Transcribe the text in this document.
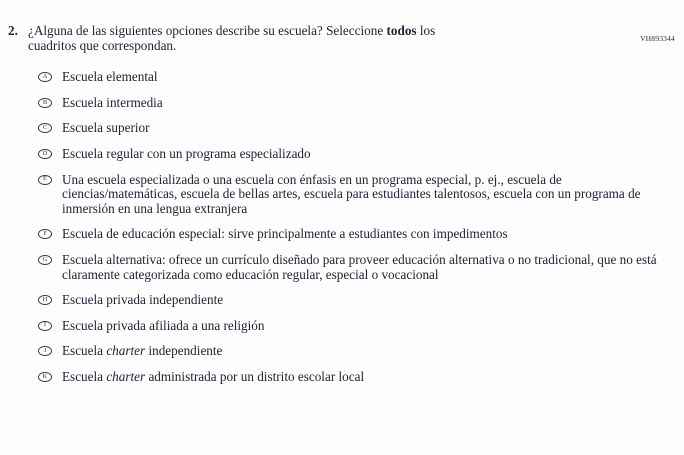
VH893344
2. ¿Alguna de las siguientes opciones describe su escuela? Seleccione todos los cuadritos que correspondan.
A	Escuela elemental
B	Escuela intermedia
C	Escuela superior
D	Escuela regular con un programa especializado
E	Una escuela especializada o una escuela con énfasis en un programa especial, p. ej., escuela de ciencias/matemáticas, escuela de bellas artes, escuela para estudiantes talentosos, escuela con un programa de inmersión en una lengua extranjera
F	Escuela de educación especial: sirve principalmente a estudiantes con impedimentos
G	Escuela alternativa: ofrece un currículo diseñado para proveer educación alternativa o no tradicional, que no está claramente categorizada como educación regular, especial o vocacional
H	Escuela privada independiente
I	Escuela privada afiliada a una religión
J	Escuela charter independiente
K	Escuela charter administrada por un distrito escolar local
